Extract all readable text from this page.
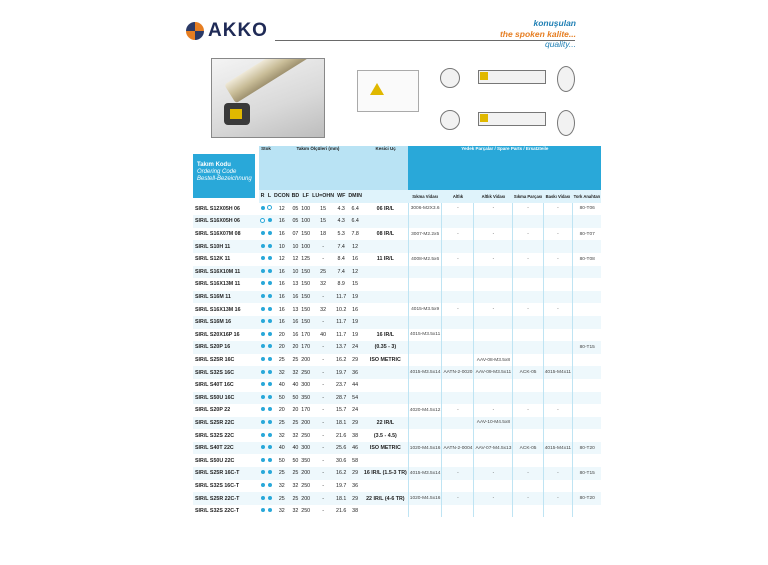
AKKO	konuşulan
the spoken kalite...
quality...
Takım Kodu
Ordering Code
Bestell-Bezeichnung
	Stok		Takım Ölçüleri (mm)						Kesici Uç	Yedek Parçalar / Spare Parts / Ersatzteile					
	R	L	DCON	BD	LF	LU=OHN	WF	DMIN		Sıkma Vidası	Altlık	Altlık Vidası	Sıkma Parçası	Baskı Vidası	Tork Anahtarı
SIR/L S12X05H 06			12	05	100	15	4.3	6.4	06 IR/L	3006-M2X3.6	-	-	-	-	80-T06
SIR/L S16X05H 06			16	05	100	15	4.3	6.4							
SIR/L S16X07M 08			16	07	150	18	5.3	7.8	08 IR/L	3007-M2.2x5	-	-	-	-	80-T07
SIR/L S10H 11			10	10	100	-	7.4	12							
SIR/L S12K 11			12	12	125	-	8.4	16	11 IR/L	4008-M2.5x6	-	-	-	-	80-T08
SIR/L S16X10M 11			16	10	150	25	7.4	12							
SIR/L S16X13M 11			16	13	150	32	8.9	15							
SIR/L S16M 11			16	16	150	-	11.7	19							
SIR/L S16X13M 16			16	13	150	32	10.2	16		4015-M3.5x9	-	-	-	-	
SIR/L S16M 16			16	16	150	-	11.7	19							
SIR/L S20X16P 16			20	16	170	40	11.7	19	16 IR/L	4015-M3.5x11					
SIR/L S20P 16			20	20	170	-	13.7	24	(0.35 - 3)						80-T15
SIR/L S25R 16C			25	25	200	-	16.2	29	ISO METRIC			AAV-08-M3.5x8			
SIR/L S32S 16C			32	32	250	-	19.7	36		4015-M3.5x14	AATN-2-0020	AAV-09-M3.5x11	ACK-05	4015-M4x11	
SIR/L S40T 16C			40	40	300	-	23.7	44							
SIR/L S50U 16C			50	50	350	-	28.7	54							
SIR/L S20P 22			20	20	170	-	15.7	24		4020-M4.5x12	-	-	-	-	
SIR/L S25R 22C			25	25	200	-	18.1	29	22 IR/L			AAV-10-M4.5x8			
SIR/L S32S 22C			32	32	250	-	21.6	38	(3.5 - 4.5)						
SIR/L S40T 22C			40	40	300	-	25.6	46	ISO METRIC	1020-M4.5x16	AATN-2-0004	AAV-07-M4.5x13	ACK-05	4015-M4x11	80-T20
SIR/L S50U 22C			50	50	350	-	30.6	58							
SIR/L S25R 16C-T			25	25	200	-	16.2	29	16 IR/L (1.5-3 TR)	4015-M3.5x14	-	-	-	-	80-T15
SIR/L S32S 16C-T			32	32	250	-	19.7	36							
SIR/L S25R 22C-T			25	25	200	-	18.1	29	22 IR/L (4-6 TR)	1020-M4.5x16	-	-	-	-	80-T20
SIR/L S32S 22C-T			32	32	250	-	21.6	38							
